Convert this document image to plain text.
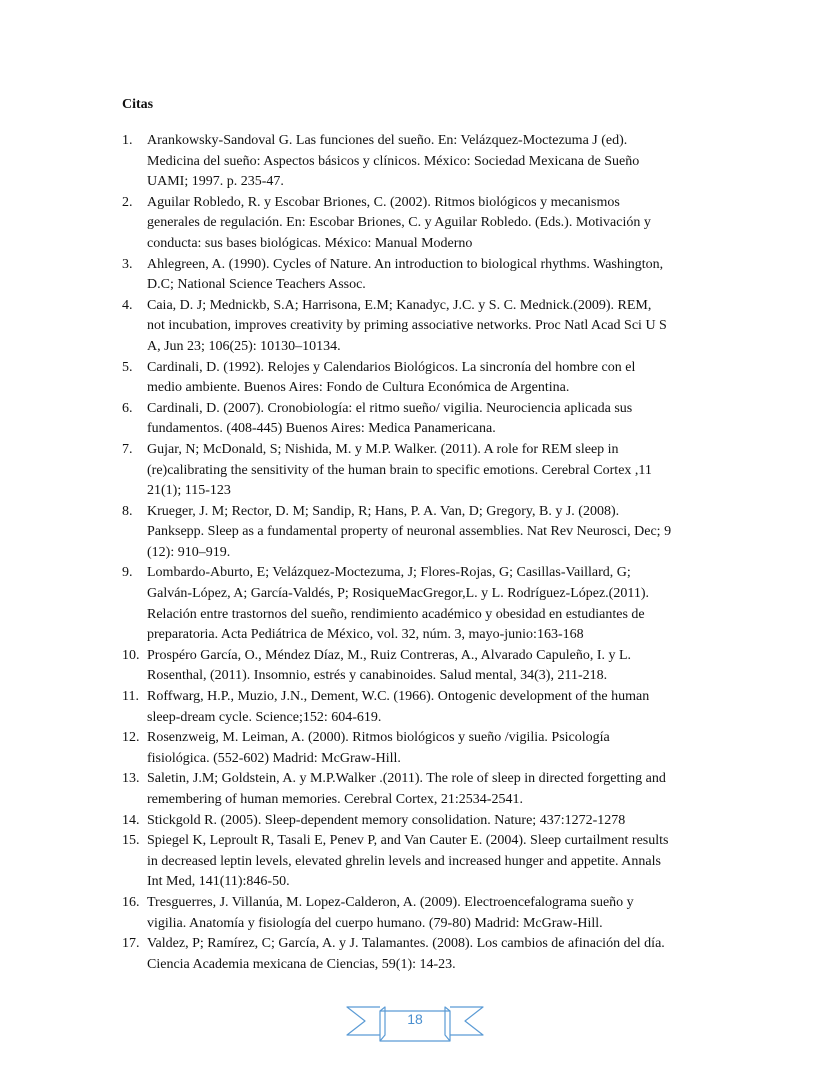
Citas
1. Arankowsky-Sandoval G. Las funciones del sueño. En: Velázquez-Moctezuma J (ed).
Medicina del sueño: Aspectos básicos y clínicos. México: Sociedad Mexicana de Sueño
UAMI; 1997. p. 235-47.
2. Aguilar Robledo, R. y Escobar Briones, C. (2002). Ritmos biológicos y mecanismos
generales de regulación. En: Escobar Briones, C. y Aguilar Robledo. (Eds.). Motivación y
conducta: sus bases biológicas. México: Manual Moderno
3. Ahlegreen, A. (1990). Cycles of Nature. An introduction to biological rhythms. Washington,
D.C; National Science Teachers Assoc.
4. Caia, D. J; Mednickb, S.A; Harrisona, E.M; Kanadyc, J.C. y S. C. Mednick.(2009). REM,
not incubation, improves creativity by priming associative networks. Proc Natl Acad Sci U S
A, Jun 23; 106(25): 10130–10134.
5. Cardinali, D. (1992). Relojes y Calendarios Biológicos. La sincronía del hombre con el
medio ambiente. Buenos Aires: Fondo de Cultura Económica de Argentina.
6. Cardinali, D. (2007). Cronobiología: el ritmo sueño/ vigilia. Neurociencia aplicada sus
fundamentos. (408-445) Buenos Aires: Medica Panamericana.
7. Gujar, N; McDonald, S; Nishida, M. y M.P. Walker. (2011). A role for REM sleep in
(re)calibrating the sensitivity of the human brain to specific emotions. Cerebral Cortex ,11
21(1); 115-123
8. Krueger, J. M; Rector, D. M; Sandip, R; Hans, P. A. Van, D; Gregory, B. y J. (2008).
Panksepp. Sleep as a fundamental property of neuronal assemblies. Nat Rev Neurosci, Dec; 9
(12): 910–919.
9. Lombardo-Aburto, E; Velázquez-Moctezuma, J; Flores-Rojas, G; Casillas-Vaillard, G;
Galván-López, A; García-Valdés, P; RosiqueMacGregor,L. y L. Rodríguez-López.(2011).
Relación entre trastornos del sueño, rendimiento académico y obesidad en estudiantes de
preparatoria. Acta Pediátrica de México, vol. 32, núm. 3, mayo-junio:163-168
10. Prospéro García, O., Méndez Díaz, M., Ruiz Contreras, A., Alvarado Capuleño, I. y L.
Rosenthal, (2011). Insomnio, estrés y canabinoides. Salud mental, 34(3), 211-218.
11. Roffwarg, H.P., Muzio, J.N., Dement, W.C. (1966). Ontogenic development of the human
sleep-dream cycle. Science;152: 604-619.
12. Rosenzweig, M. Leiman, A. (2000). Ritmos biológicos y sueño /vigilia. Psicología
fisiológica. (552-602) Madrid: McGraw-Hill.
13. Saletin, J.M; Goldstein, A. y M.P.Walker .(2011). The role of sleep in directed forgetting and
remembering of human memories. Cerebral Cortex, 21:2534-2541.
14. Stickgold R. (2005). Sleep-dependent memory consolidation. Nature; 437:1272-1278
15. Spiegel K, Leproult R, Tasali E, Penev P, and Van Cauter E. (2004). Sleep curtailment results
in decreased leptin levels, elevated ghrelin levels and increased hunger and appetite. Annals
Int Med, 141(11):846-50.
16. Tresguerres, J. Villanúa, M. Lopez-Calderon, A. (2009). Electroencefalograma sueño y
vigilia. Anatomía y fisiología del cuerpo humano. (79-80) Madrid: McGraw-Hill.
17. Valdez, P; Ramírez, C; García, A. y J. Talamantes. (2008). Los cambios de afinación del día.
Ciencia Academia mexicana de Ciencias, 59(1): 14-23.
18
